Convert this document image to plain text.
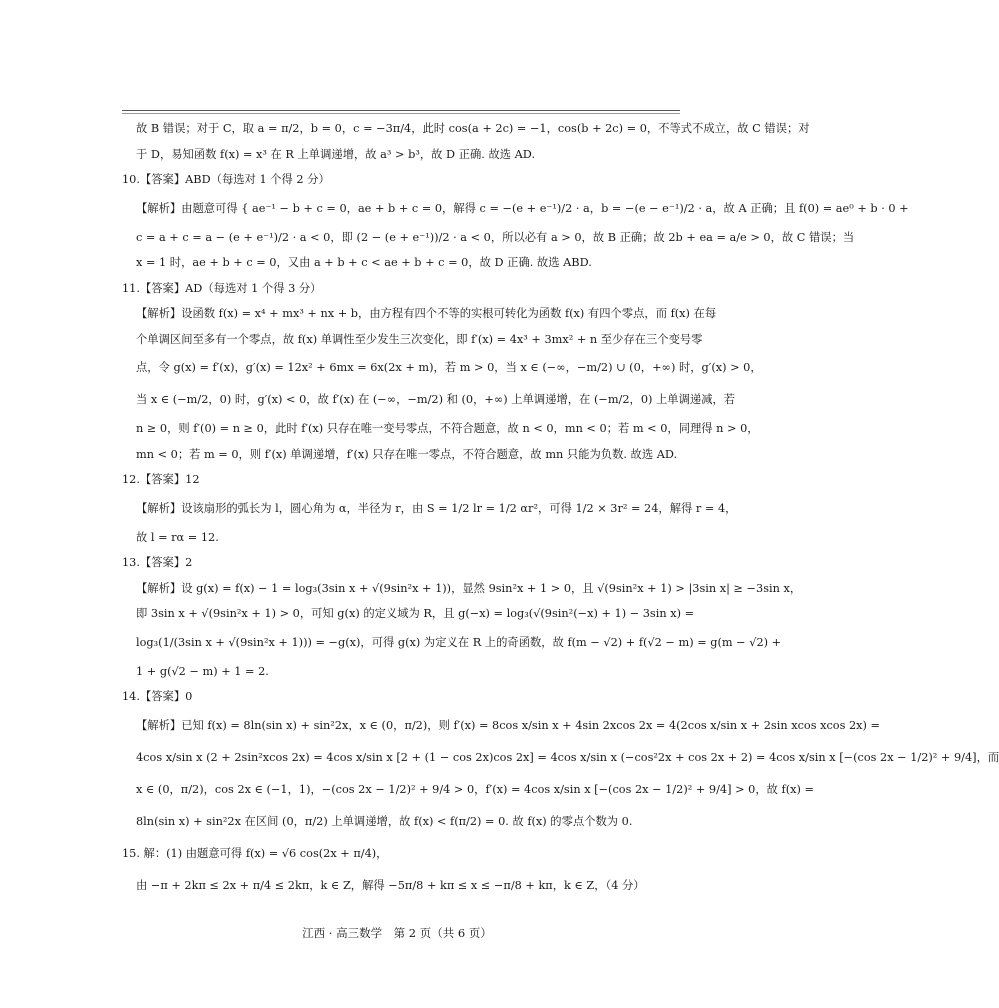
故 B 错误；对于 C，取 a = π/2，b = 0，c = −3π/4，此时 cos(a + 2c) = −1，cos(b + 2c) = 0，不等式不成立，故 C 错误；对
于 D，易知函数 f(x) = x³ 在 R 上单调递增，故 a³ > b³，故 D 正确. 故选 AD.
10.【答案】ABD（每选对 1 个得 2 分）
【解析】由题意可得 { ae⁻¹ − b + c = 0，ae + b + c = 0，解得 c = −(e + e⁻¹)/2 · a，b = −(e − e⁻¹)/2 · a，故 A 正确；且 f(0) = ae⁰ + b · 0 +
c = a + c = a − (e + e⁻¹)/2 · a < 0，即 (2 − (e + e⁻¹))/2 · a < 0，所以必有 a > 0，故 B 正确；故 2b + ea = a/e > 0，故 C 错误；当
x = 1 时，ae + b + c = 0，又由 a + b + c < ae + b + c = 0，故 D 正确. 故选 ABD.
11.【答案】AD（每选对 1 个得 3 分）
【解析】设函数 f(x) = x⁴ + mx³ + nx + b，由方程有四个不等的实根可转化为函数 f(x) 有四个零点，而 f(x) 在每
个单调区间至多有一个零点，故 f(x) 单调性至少发生三次变化，即 f′(x) = 4x³ + 3mx² + n 至少存在三个变号零
点，令 g(x) = f′(x)，g′(x) = 12x² + 6mx = 6x(2x + m)，若 m > 0，当 x ∈ (−∞，−m/2) ∪ (0，+∞) 时，g′(x) > 0，
当 x ∈ (−m/2，0) 时，g′(x) < 0，故 f′(x) 在 (−∞，−m/2) 和 (0，+∞) 上单调递增，在 (−m/2，0) 上单调递减，若
n ≥ 0，则 f′(0) = n ≥ 0，此时 f′(x) 只存在唯一变号零点，不符合题意，故 n < 0，mn < 0；若 m < 0，同理得 n > 0，
mn < 0；若 m = 0，则 f′(x) 单调递增，f′(x) 只存在唯一零点，不符合题意，故 mn 只能为负数. 故选 AD.
12.【答案】12
【解析】设该扇形的弧长为 l，圆心角为 α，半径为 r，由 S = 1/2 lr = 1/2 αr²，可得 1/2 × 3r² = 24，解得 r = 4，
故 l = rα = 12.
13.【答案】2
【解析】设 g(x) = f(x) − 1 = log₃(3sin x + √(9sin²x + 1))，显然 9sin²x + 1 > 0，且 √(9sin²x + 1) > |3sin x| ≥ −3sin x，
即 3sin x + √(9sin²x + 1) > 0，可知 g(x) 的定义域为 R，且 g(−x) = log₃(√(9sin²(−x) + 1) − 3sin x) =
log₃(1/(3sin x + √(9sin²x + 1))) = −g(x)，可得 g(x) 为定义在 R 上的奇函数，故 f(m − √2) + f(√2 − m) = g(m − √2) +
1 + g(√2 − m) + 1 = 2.
14.【答案】0
【解析】已知 f(x) = 8ln(sin x) + sin²2x，x ∈ (0，π/2)，则 f′(x) = 8cos x/sin x + 4sin 2xcos 2x = 4(2cos x/sin x + 2sin xcos xcos 2x) =
4cos x/sin x (2 + 2sin²xcos 2x) = 4cos x/sin x [2 + (1 − cos 2x)cos 2x] = 4cos x/sin x (−cos²2x + cos 2x + 2) = 4cos x/sin x [−(cos 2x − 1/2)² + 9/4]，而
x ∈ (0，π/2)，cos 2x ∈ (−1，1)，−(cos 2x − 1/2)² + 9/4 > 0，f′(x) = 4cos x/sin x [−(cos 2x − 1/2)² + 9/4] > 0，故 f(x) =
8ln(sin x) + sin²2x 在区间 (0，π/2) 上单调递增，故 f(x) < f(π/2) = 0. 故 f(x) 的零点个数为 0.
15. 解：(1) 由题意可得 f(x) = √6 cos(2x + π/4)，
由 −π + 2kπ ≤ 2x + π/4 ≤ 2kπ，k ∈ Z，解得 −5π/8 + kπ ≤ x ≤ −π/8 + kπ，k ∈ Z，（4 分）
江西 · 高三数学　第 2 页（共 6 页）
